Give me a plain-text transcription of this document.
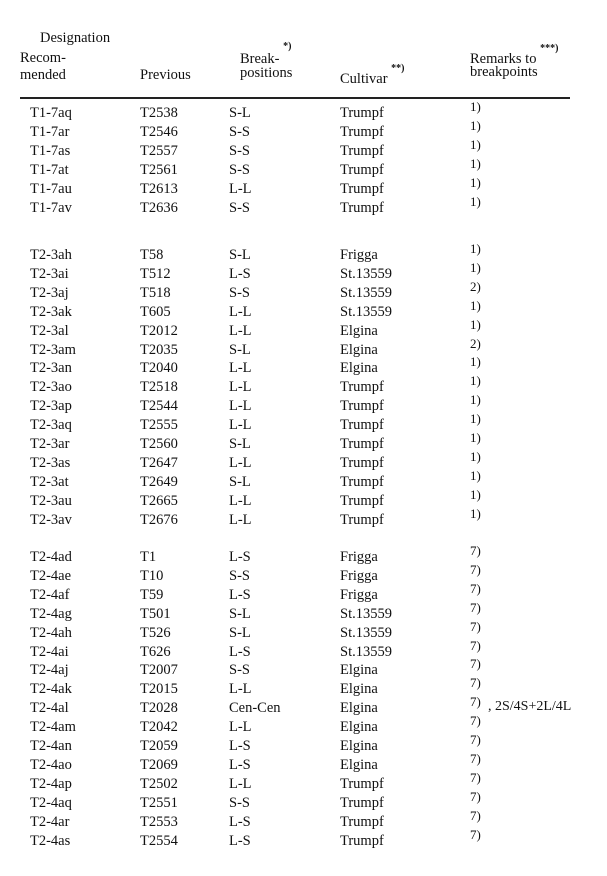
Designation
Recom-
mended	Previous
Break- *)
positions	Cultivar **)
Remarks to ***)
breakpoints
T1-7aq	T2538	S-L	Trumpf	1)
T1-7ar	T2546	S-S	Trumpf	1)
T1-7as	T2557	S-S	Trumpf	1)
T1-7at	T2561	S-S	Trumpf	1)
T1-7au	T2613	L-L	Trumpf	1)
T1-7av	T2636	S-S	Trumpf	1)
T2-3ah	T58	S-L	Frigga	1)
T2-3ai	T512	L-S	St.13559	1)
T2-3aj	T518	S-S	St.13559	2)
T2-3ak	T605	L-L	St.13559	1)
T2-3al	T2012	L-L	Elgina	1)
T2-3am	T2035	S-L	Elgina	2)
T2-3an	T2040	L-L	Elgina	1)
T2-3ao	T2518	L-L	Trumpf	1)
T2-3ap	T2544	L-L	Trumpf	1)
T2-3aq	T2555	L-L	Trumpf	1)
T2-3ar	T2560	S-L	Trumpf	1)
T2-3as	T2647	L-L	Trumpf	1)
T2-3at	T2649	S-L	Trumpf	1)
T2-3au	T2665	L-L	Trumpf	1)
T2-3av	T2676	L-L	Trumpf	1)
T2-4ad	T1	L-S	Frigga	7)
T2-4ae	T10	S-S	Frigga	7)
T2-4af	T59	L-S	Frigga	7)
T2-4ag	T501	S-L	St.13559	7)
T2-4ah	T526	S-L	St.13559	7)
T2-4ai	T626	L-S	St.13559	7)
T2-4aj	T2007	S-S	Elgina	7)
T2-4ak	T2015	L-L	Elgina	7)
T2-4al	T2028	Cen-Cen	Elgina	7) , 2S/4S+2L/4L
T2-4am	T2042	L-L	Elgina	7)
T2-4an	T2059	L-S	Elgina	7)
T2-4ao	T2069	L-S	Elgina	7)
T2-4ap	T2502	L-L	Trumpf	7)
T2-4aq	T2551	S-S	Trumpf	7)
T2-4ar	T2553	L-S	Trumpf	7)
T2-4as	T2554	L-S	Trumpf	7)
